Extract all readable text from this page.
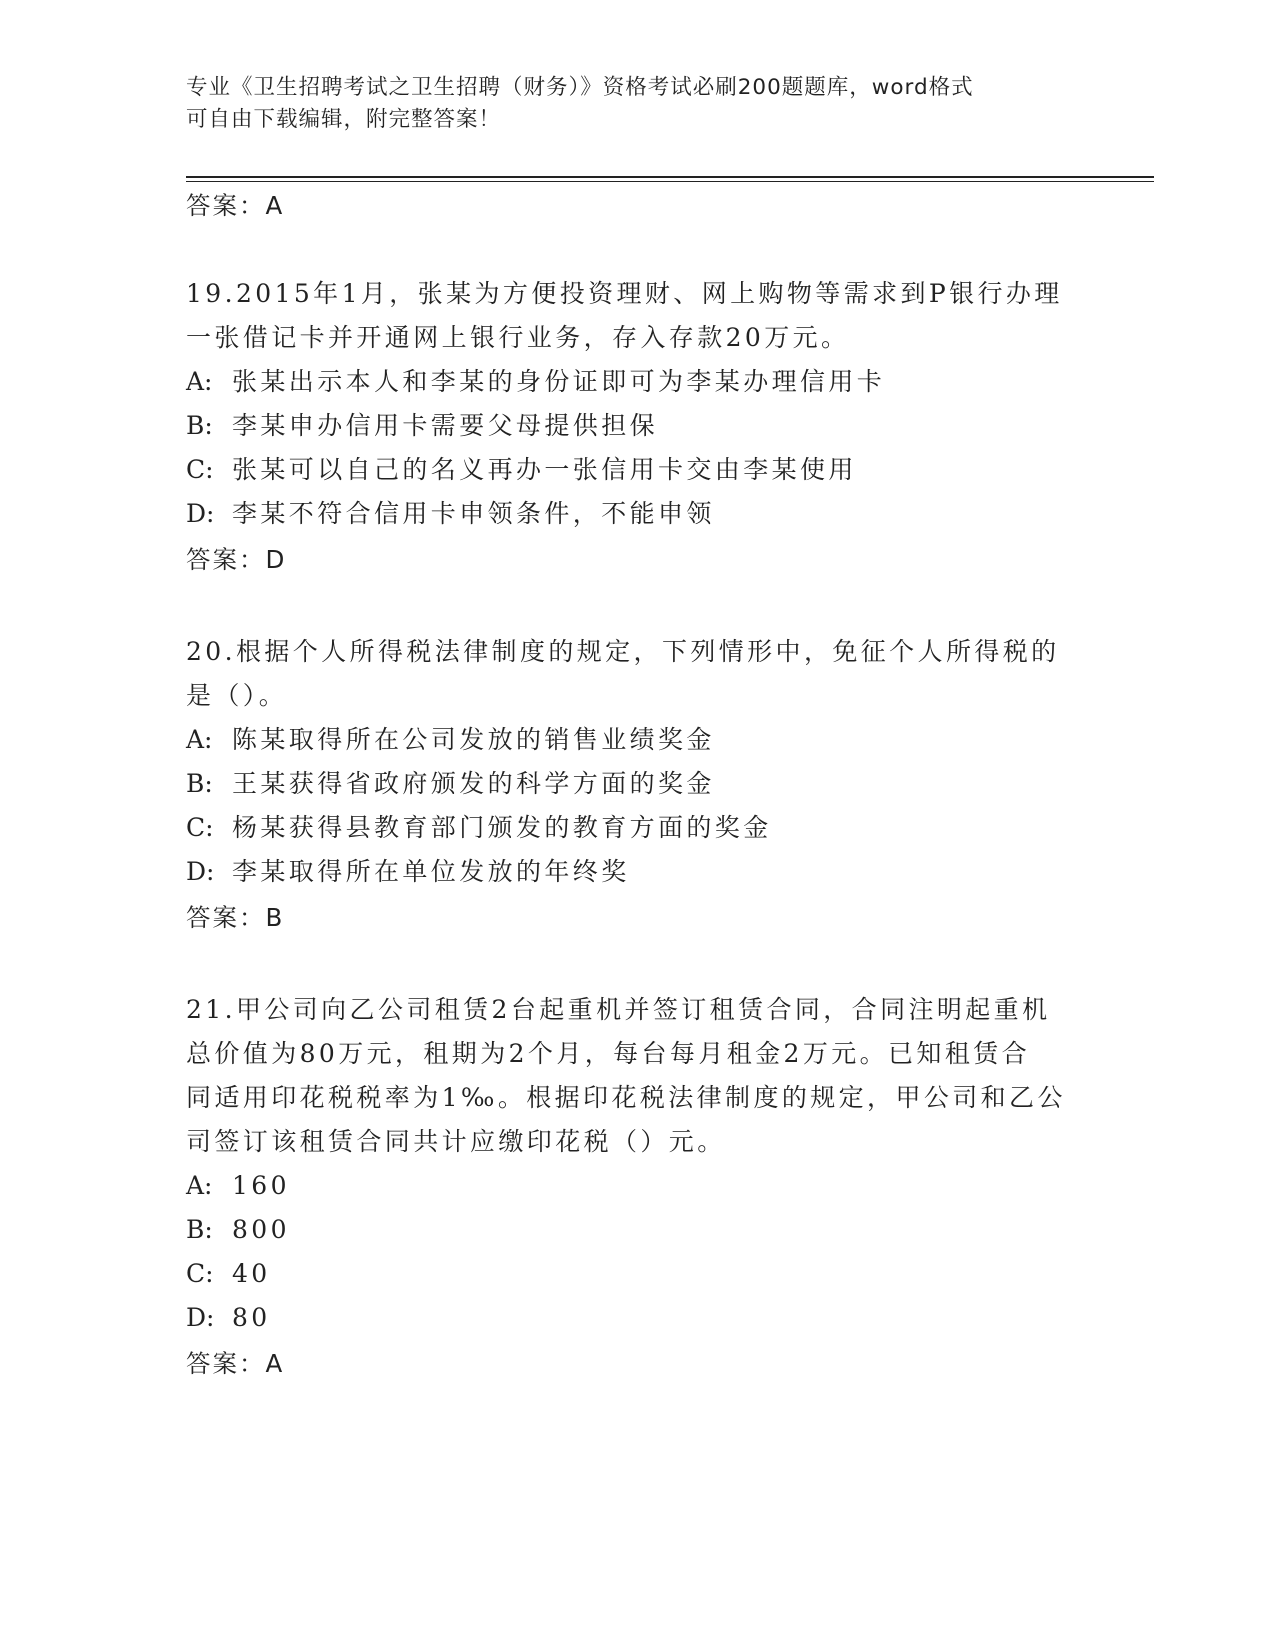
专业《卫生招聘考试之卫生招聘（财务）》资格考试必刷200题题库，word格式
可自由下载编辑，附完整答案！
答案：A
19.2015年1月，张某为方便投资理财、网上购物等需求到P银行办理
一张借记卡并开通网上银行业务，存入存款20万元。
A: 张某出示本人和李某的身份证即可为李某办理信用卡
B: 李某申办信用卡需要父母提供担保
C: 张某可以自己的名义再办一张信用卡交由李某使用
D: 李某不符合信用卡申领条件，不能申领
答案：D
20.根据个人所得税法律制度的规定，下列情形中，免征个人所得税的
是（）。
A: 陈某取得所在公司发放的销售业绩奖金
B: 王某获得省政府颁发的科学方面的奖金
C: 杨某获得县教育部门颁发的教育方面的奖金
D: 李某取得所在单位发放的年终奖
答案：B
21.甲公司向乙公司租赁2台起重机并签订租赁合同，合同注明起重机
总价值为80万元，租期为2个月，每台每月租金2万元。已知租赁合
同适用印花税税率为1‰。根据印花税法律制度的规定，甲公司和乙公
司签订该租赁合同共计应缴印花税（）元。
A: 160
B: 800
C: 40
D: 80
答案：A
